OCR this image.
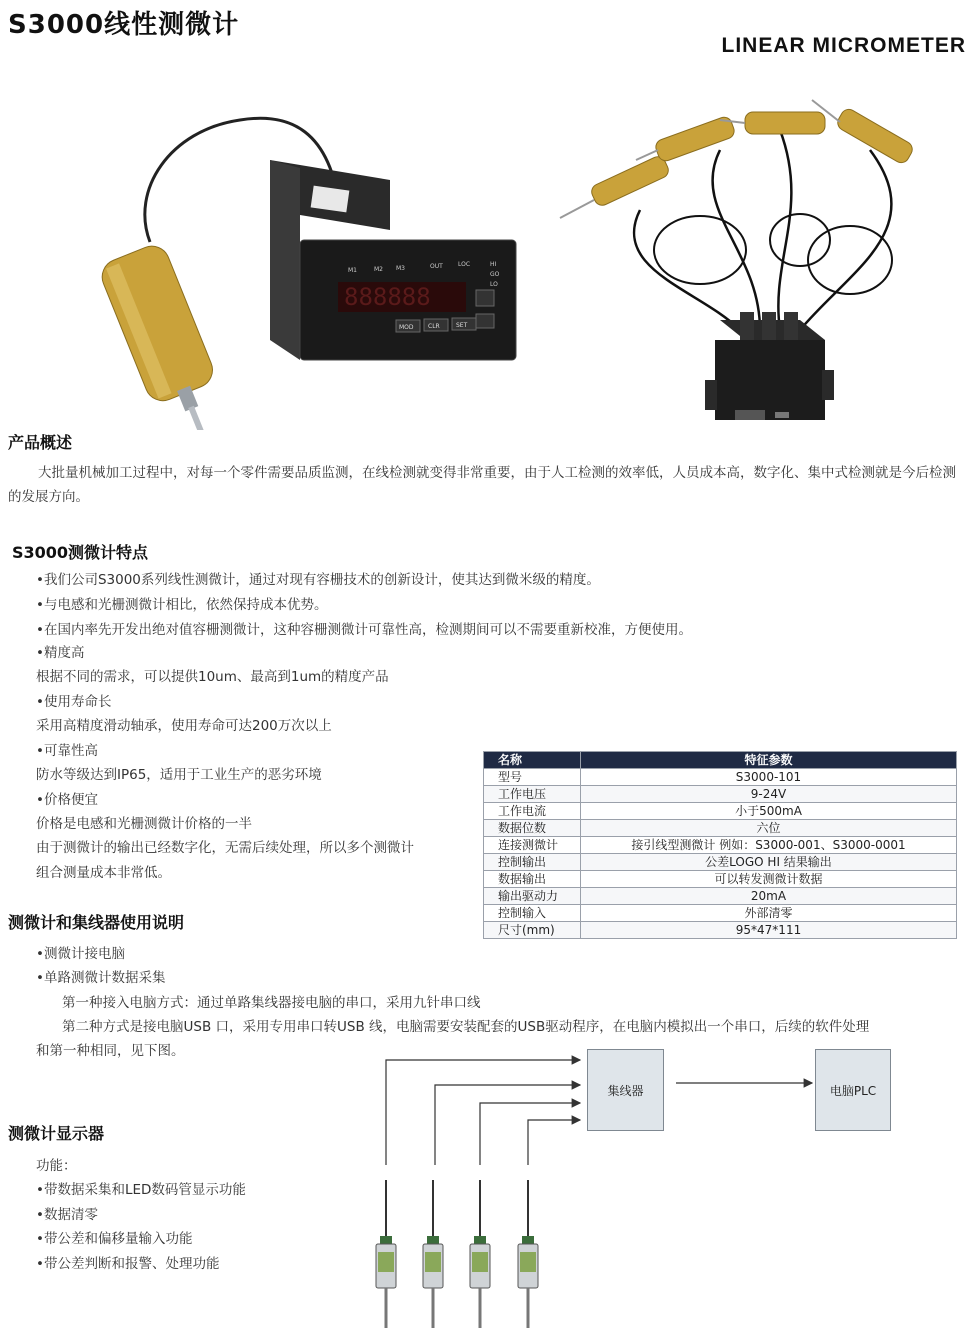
S3000线性测微计
LINEAR MICROMETER
888888
M1	M2 M3	OUT	LOC	HI
GO
LO
MOD CLR	SET
产品概述
大批量机械加工过程中，对每一个零件需要品质监测，在线检测就变得非常重要，由于人工检测的效率低，人员成本高，数字化、集中式检测就是今后检测的发展方向。
S3000测微计特点
•我们公司S3000系列线性测微计，通过对现有容栅技术的创新设计，使其达到微米级的精度。
•与电感和光栅测微计相比，依然保持成本优势。
•在国内率先开发出绝对值容栅测微计，这种容栅测微计可靠性高，检测期间可以不需要重新校准，方便使用。
•精度高
根据不同的需求，可以提供10um、最高到1um的精度产品
•使用寿命长
采用高精度滑动轴承，使用寿命可达200万次以上
•可靠性高
防水等级达到IP65，适用于工业生产的恶劣环境
•价格便宜
价格是电感和光栅测微计价格的一半
由于测微计的输出已经数字化，无需后续处理，所以多个测微计
组合测量成本非常低。
名称	特征参数
型号	S3000-101
工作电压	9-24V
工作电流	小于500mA
数据位数	六位
连接测微计	接引线型测微计 例如：S3000-001、S3000-0001
控制输出	公差LOGO HI 结果输出
数据输出	可以转发测微计数据
输出驱动力	20mA
控制输入	外部清零
尺寸(mm)	95*47*111
测微计和集线器使用说明
•测微计接电脑
•单路测微计数据采集
第一种接入电脑方式：通过单路集线器接电脑的串口，采用九针串口线
第二种方式是接电脑USB 口，采用专用串口转USB 线，电脑需要安装配套的USB驱动程序，在电脑内模拟出一个串口，后续的软件处理
和第一种相同，见下图。
集线器	电脑PLC
测微计显示器
功能：
•带数据采集和LED数码管显示功能
•数据清零
•带公差和偏移量输入功能
•带公差判断和报警、处理功能
